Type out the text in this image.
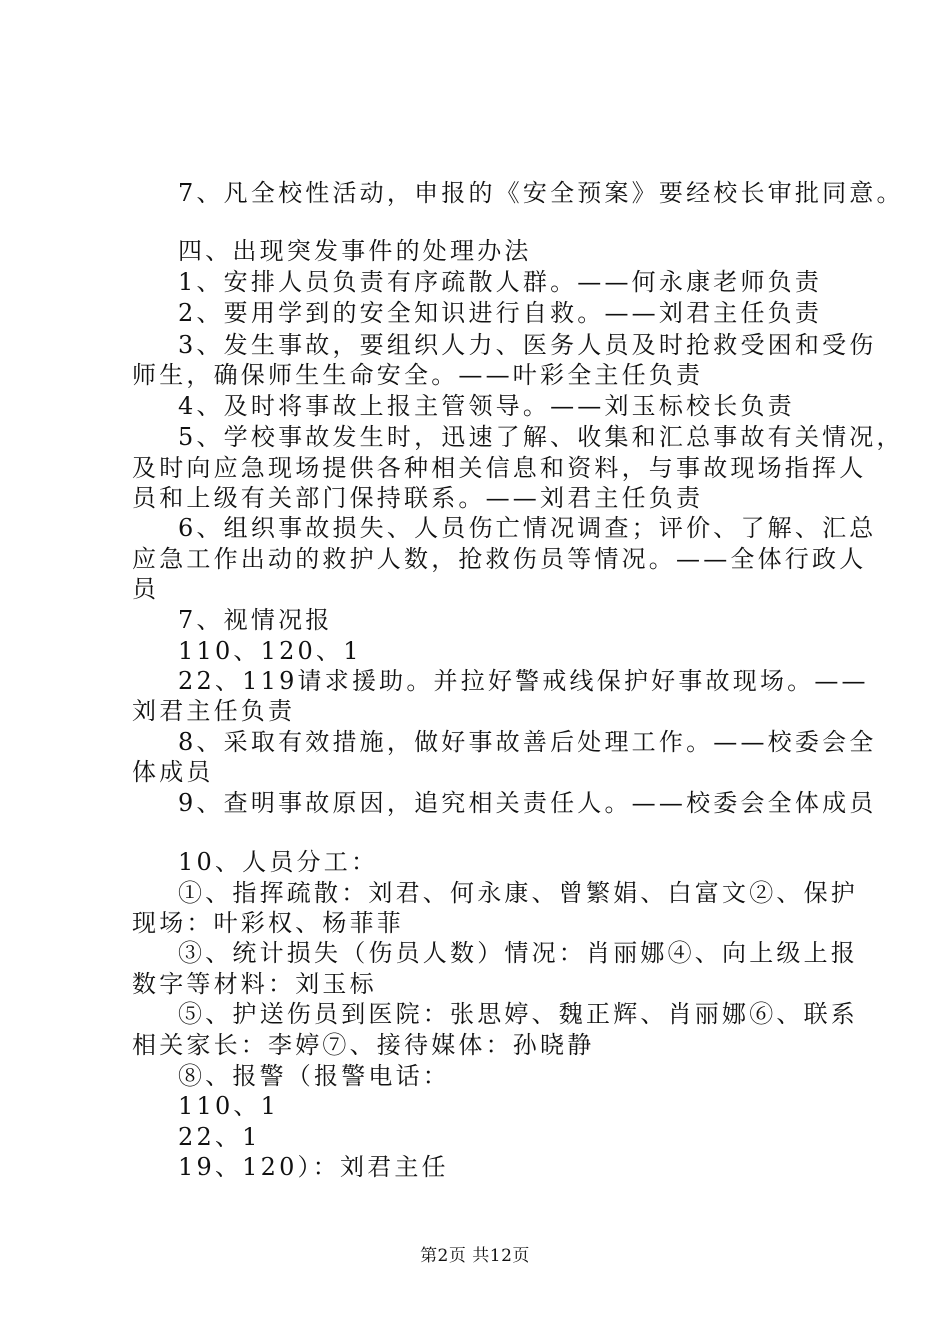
7、凡全校性活动，申报的《安全预案》要经校长审批同意。
四、出现突发事件的处理办法
1、安排人员负责有序疏散人群。——何永康老师负责
2、要用学到的安全知识进行自救。——刘君主任负责
3、发生事故，要组织人力、医务人员及时抢救受困和受伤
师生，确保师生生命安全。——叶彩全主任负责
4、及时将事故上报主管领导。——刘玉标校长负责
5、学校事故发生时，迅速了解、收集和汇总事故有关情况，
及时向应急现场提供各种相关信息和资料，与事故现场指挥人
员和上级有关部门保持联系。——刘君主任负责
6、组织事故损失、人员伤亡情况调查；评价、了解、汇总
应急工作出动的救护人数，抢救伤员等情况。——全体行政人
员
7、视情况报
110、120、1
22、119请求援助。并拉好警戒线保护好事故现场。——
刘君主任负责
8、采取有效措施，做好事故善后处理工作。——校委会全
体成员
9、查明事故原因，追究相关责任人。——校委会全体成员
10、人员分工：
①、指挥疏散：刘君、何永康、曾繁娟、白富文②、保护
现场：叶彩权、杨菲菲
③、统计损失（伤员人数）情况：肖丽娜④、向上级上报
数字等材料：刘玉标
⑤、护送伤员到医院：张思婷、魏正辉、肖丽娜⑥、联系
相关家长：李婷⑦、接待媒体：孙晓静
⑧、报警（报警电话：
110、1
22、1
19、120）：刘君主任
第2页 共12页
